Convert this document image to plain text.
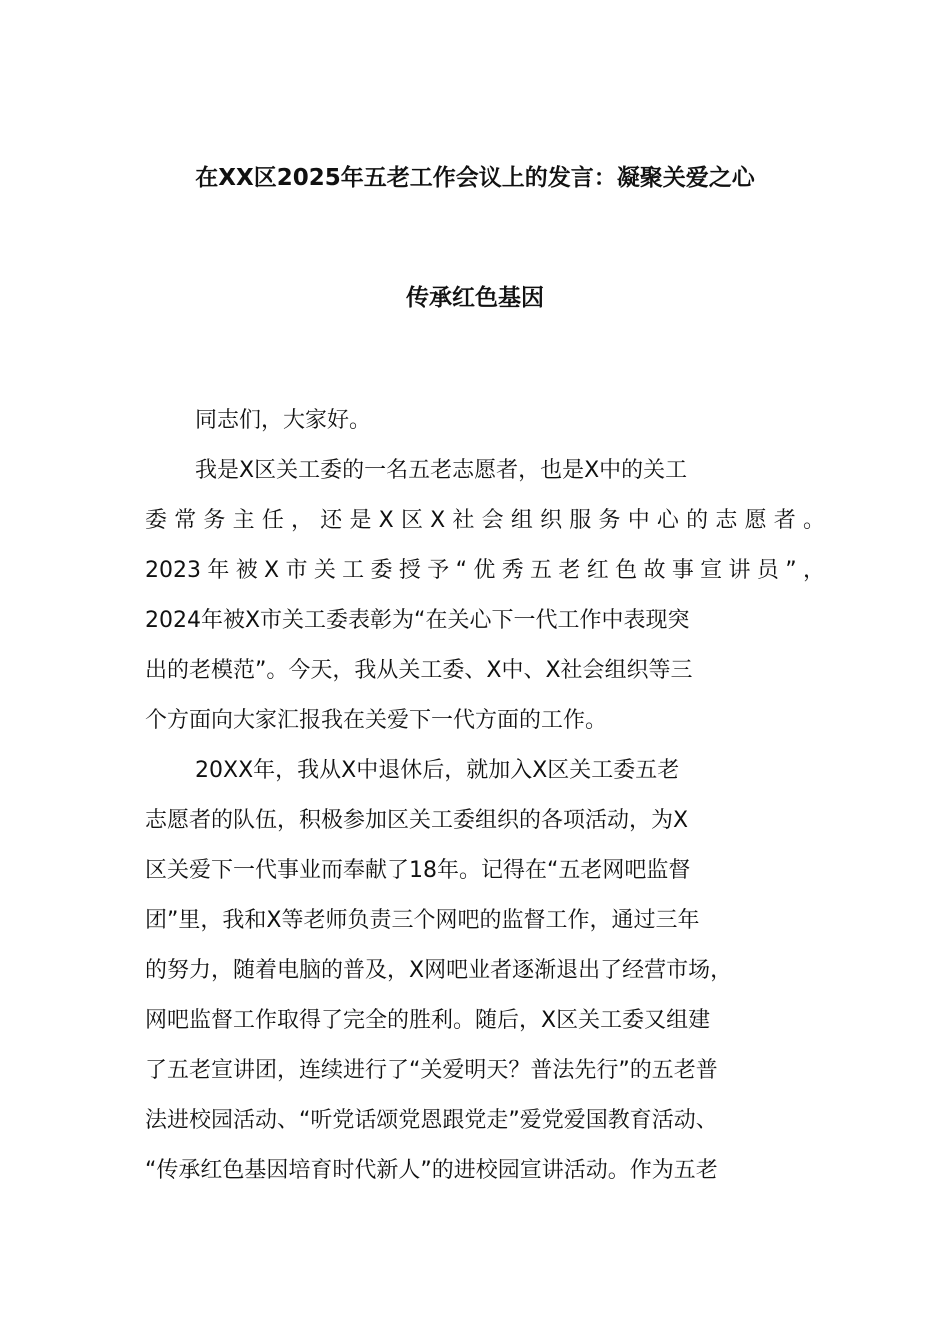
在XX区2025年五老工作会议上的发言：凝聚关爱之心
传承红色基因
同志们，大家好。
我是X区关工委的一名五老志愿者，也是X中的关工
委常务主任，还是X区X社会组织服务中心的志愿者。
2023年被X市关工委授予“优秀五老红色故事宣讲员”，
2024年被X市关工委表彰为“在关心下一代工作中表现突
出的老模范”。今天，我从关工委、X中、X社会组织等三
个方面向大家汇报我在关爱下一代方面的工作。
20XX年，我从X中退休后，就加入X区关工委五老
志愿者的队伍，积极参加区关工委组织的各项活动，为X
区关爱下一代事业而奉献了18年。记得在“五老网吧监督
团”里，我和X等老师负责三个网吧的监督工作，通过三年
的努力，随着电脑的普及，X网吧业者逐渐退出了经营市场，
网吧监督工作取得了完全的胜利。随后，X区关工委又组建
了五老宣讲团，连续进行了“关爱明天？普法先行”的五老普
法进校园活动、“听党话颂党恩跟党走”爱党爱国教育活动、
“传承红色基因培育时代新人”的进校园宣讲活动。作为五老
